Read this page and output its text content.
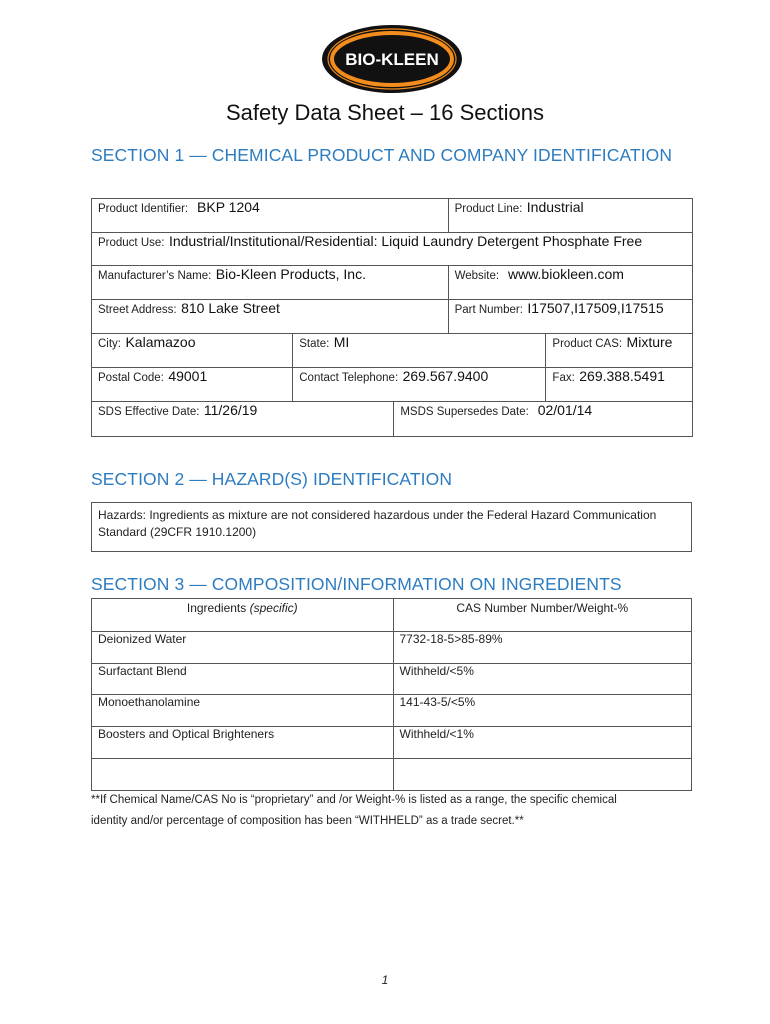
BIO-KLEEN
Safety Data Sheet – 16 Sections
SECTION 1 — CHEMICAL PRODUCT AND COMPANY IDENTIFICATION
Product Identifier: BKP 1204			Product Line: Industrial	
Product Use: Industrial/Institutional/Residential: Liquid Laundry Detergent Phosphate Free				
Manufacturer’s Name: Bio-Kleen Products, Inc.			Website: www.biokleen.com	
Street Address: 810 Lake Street			Part Number: I17507,I17509,I17515	
City: Kalamazoo	State: MI			Product CAS: Mixture
Postal Code: 49001	Contact Telephone: 269.567.9400			Fax: 269.388.5491
SDS Effective Date: 11/26/19		MSDS Supersedes Date: 02/01/14		
SECTION 2 — HAZARD(S) IDENTIFICATION
Hazards: Ingredients as mixture are not considered hazardous under the Federal Hazard Communication Standard (29CFR 1910.1200)
SECTION 3 — COMPOSITION/INFORMATION ON INGREDIENTS
Ingredients (specific)	CAS Number Number/Weight-%
Deionized Water	7732-18-5>85-89%
Surfactant Blend	Withheld/<5%
Monoethanolamine	141-43-5/<5%
Boosters and Optical Brighteners	Withheld/<1%

**If Chemical Name/CAS No is “proprietary” and /or Weight-% is listed as a range, the specific chemical
identity and/or percentage of composition has been “WITHHELD” as a trade secret.**
1
